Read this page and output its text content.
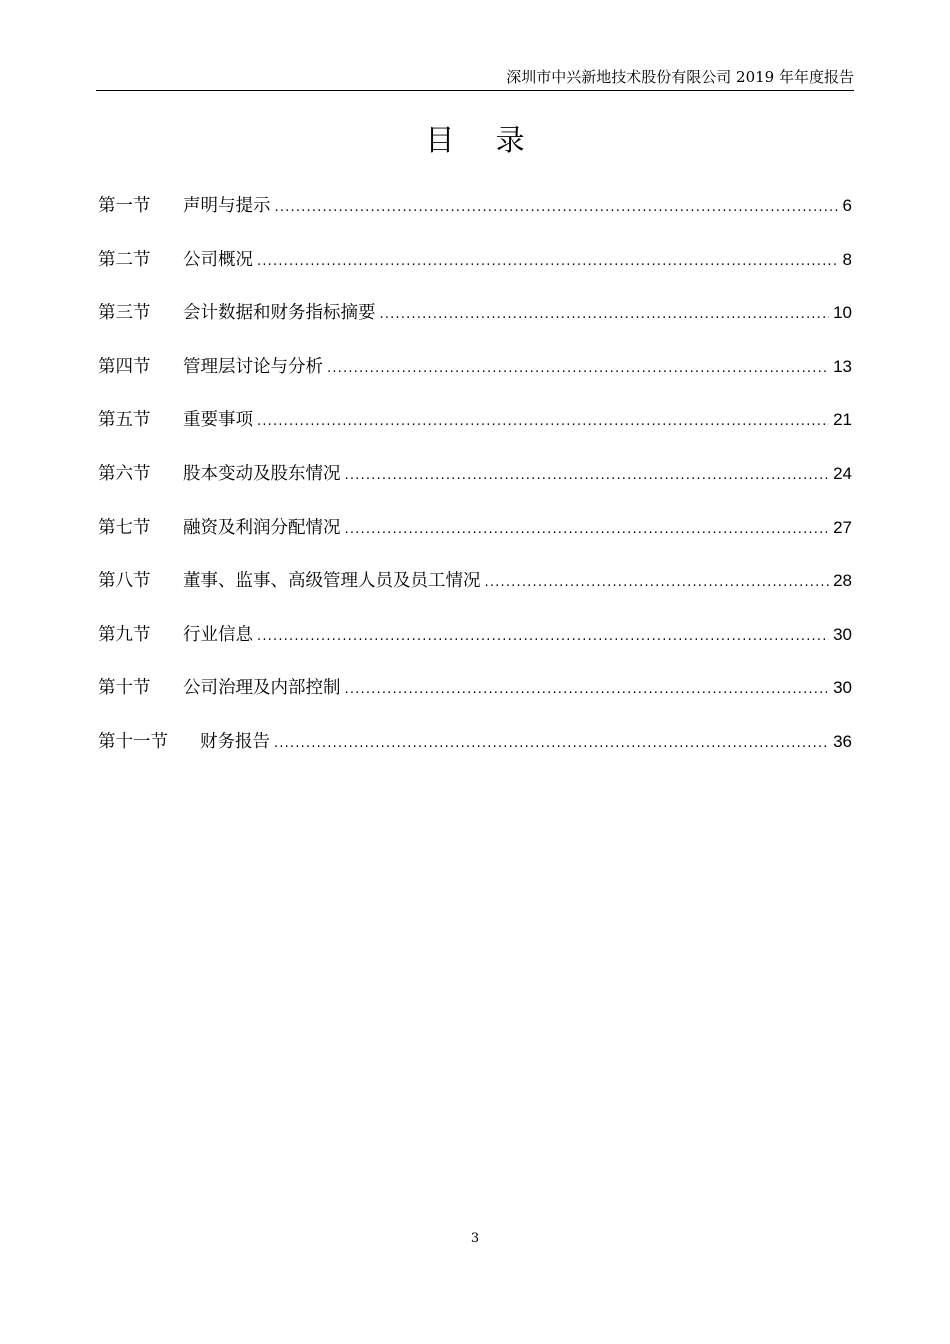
深圳市中兴新地技术股份有限公司 2019 年年度报告
目 录
第一节	声明与提示 .....	6
第二节	公司概况 .....	8
第三节	会计数据和财务指标摘要 .....	10
第四节	管理层讨论与分析 .....	13
第五节	重要事项 .....	21
第六节	股本变动及股东情况 .....	24
第七节	融资及利润分配情况 .....	27
第八节	董事、监事、高级管理人员及员工情况 .....	28
第九节	行业信息 .....	30
第十节	公司治理及内部控制 .....	30
第十一节	财务报告 .....	36
3
